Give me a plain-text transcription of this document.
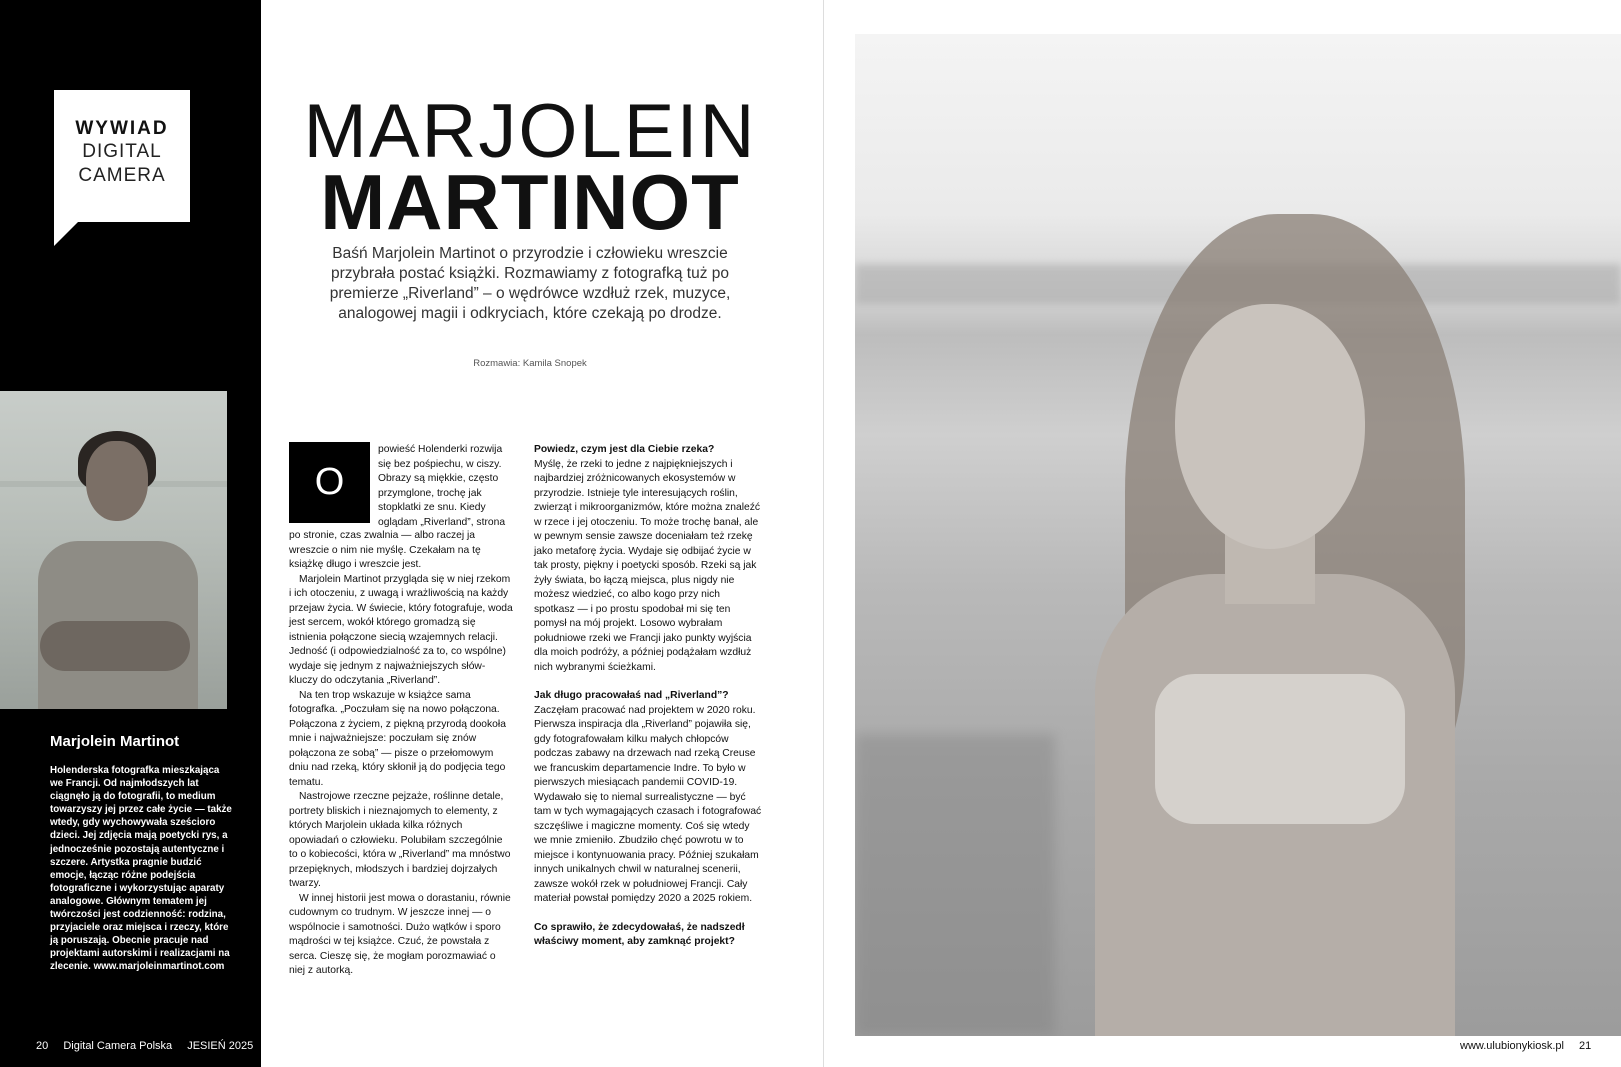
WYWIAD
DIGITAL
CAMERA
Marjolein Martinot
Holenderska fotografka mieszkająca we Francji. Od najmłodszych lat ciągnęło ją do fotografii, to medium towarzyszy jej przez całe życie — także wtedy, gdy wychowywała sześcioro dzieci. Jej zdjęcia mają poetycki rys, a jednocześnie pozostają autentyczne i szczere. Artystka pragnie budzić emocje, łącząc różne podejścia fotograficzne i wykorzystując aparaty analogowe. Głównym tematem jej twórczości jest codzienność: rodzina, przyjaciele oraz miejsca i rzeczy, które ją poruszają. Obecnie pracuje nad projektami autorskimi i realizacjami na zlecenie. www.marjoleinmartinot.com
20 Digital Camera Polska JESIEŃ 2025
MARJOLEIN
MARTINOT
Baśń Marjolein Martinot o przyrodzie i człowieku wreszcie przybrała postać książki. Rozmawiamy z fotografką tuż po premierze „Riverland” – o wędrówce wzdłuż rzek, muzyce, analogowej magii i odkryciach, które czekają po drodze.
Rozmawia: Kamila Snopek
O
powieść Holenderki rozwija się bez pośpiechu, w ciszy. Obrazy są miękkie, często przymglone, trochę jak stopklatki ze snu. Kiedy oglądam „Riverland”, strona

po stronie, czas zwalnia — albo raczej ja wreszcie o nim nie myślę. Czekałam na tę książkę długo i wreszcie jest.

Marjolein Martinot przygląda się w niej rzekom i ich otoczeniu, z uwagą i wrażliwością na każdy przejaw życia. W świecie, który fotografuje, woda jest sercem, wokół którego gromadzą się istnienia połączone siecią wzajemnych relacji. Jedność (i odpowiedzialność za to, co wspólne) wydaje się jednym z najważniejszych słów-kluczy do odczytania „Riverland”.

Na ten trop wskazuje w książce sama fotografka. „Poczułam się na nowo połączona. Połączona z życiem, z piękną przyrodą dookoła mnie i najważniejsze: poczułam się znów połączona ze sobą” — pisze o przełomowym dniu nad rzeką, który skłonił ją do podjęcia tego tematu.

Nastrojowe rzeczne pejzaże, roślinne detale, portrety bliskich i nieznajomych to elementy, z których Marjolein układa kilka różnych opowiadań o człowieku. Polubiłam szczególnie to o kobiecości, która w „Riverland” ma mnóstwo przepięknych, młodszych i bardziej dojrzałych twarzy.

W innej historii jest mowa o dorastaniu, równie cudownym co trudnym. W jeszcze innej — o wspólnocie i samotności. Dużo wątków i sporo mądrości w tej książce. Czuć, że powstała z serca. Cieszę się, że mogłam porozmawiać o niej z autorką.

Powiedz, czym jest dla Ciebie rzeka?

Myślę, że rzeki to jedne z najpiękniejszych i najbardziej zróżnicowanych ekosystemów w przyrodzie. Istnieje tyle interesujących roślin, zwierząt i mikroorganizmów, które można znaleźć w rzece i jej otoczeniu. To może trochę banał, ale w pewnym sensie zawsze doceniałam też rzekę jako metaforę życia. Wydaje się odbijać życie w tak prosty, piękny i poetycki sposób. Rzeki są jak żyły świata, bo łączą miejsca, plus nigdy nie możesz wiedzieć, co albo kogo przy nich spotkasz — i po prostu spodobał mi się ten pomysł na mój projekt. Losowo wybrałam południowe rzeki we Francji jako punkty wyjścia dla moich podróży, a później podążałam wzdłuż nich wybranymi ścieżkami.

Jak długo pracowałaś nad „Riverland”?

Zaczęłam pracować nad projektem w 2020 roku. Pierwsza inspiracja dla „Riverland” pojawiła się, gdy fotografowałam kilku małych chłopców podczas zabawy na drzewach nad rzeką Creuse we francuskim departamencie Indre. To było w pierwszych miesiącach pandemii COVID-19. Wydawało się to niemal surrealistyczne — być tam w tych wymagających czasach i fotografować szczęśliwe i magiczne momenty. Coś się wtedy we mnie zmieniło. Zbudziło chęć powrotu w to miejsce i kontynuowania pracy. Później szukałam innych unikalnych chwil w naturalnej scenerii, zawsze wokół rzek w południowej Francji. Cały materiał powstał pomiędzy 2020 a 2025 rokiem.

Co sprawiło, że zdecydowałaś, że nadszedł właściwy moment, aby zamknąć projekt?

www.ulubionykiosk.pl 21
